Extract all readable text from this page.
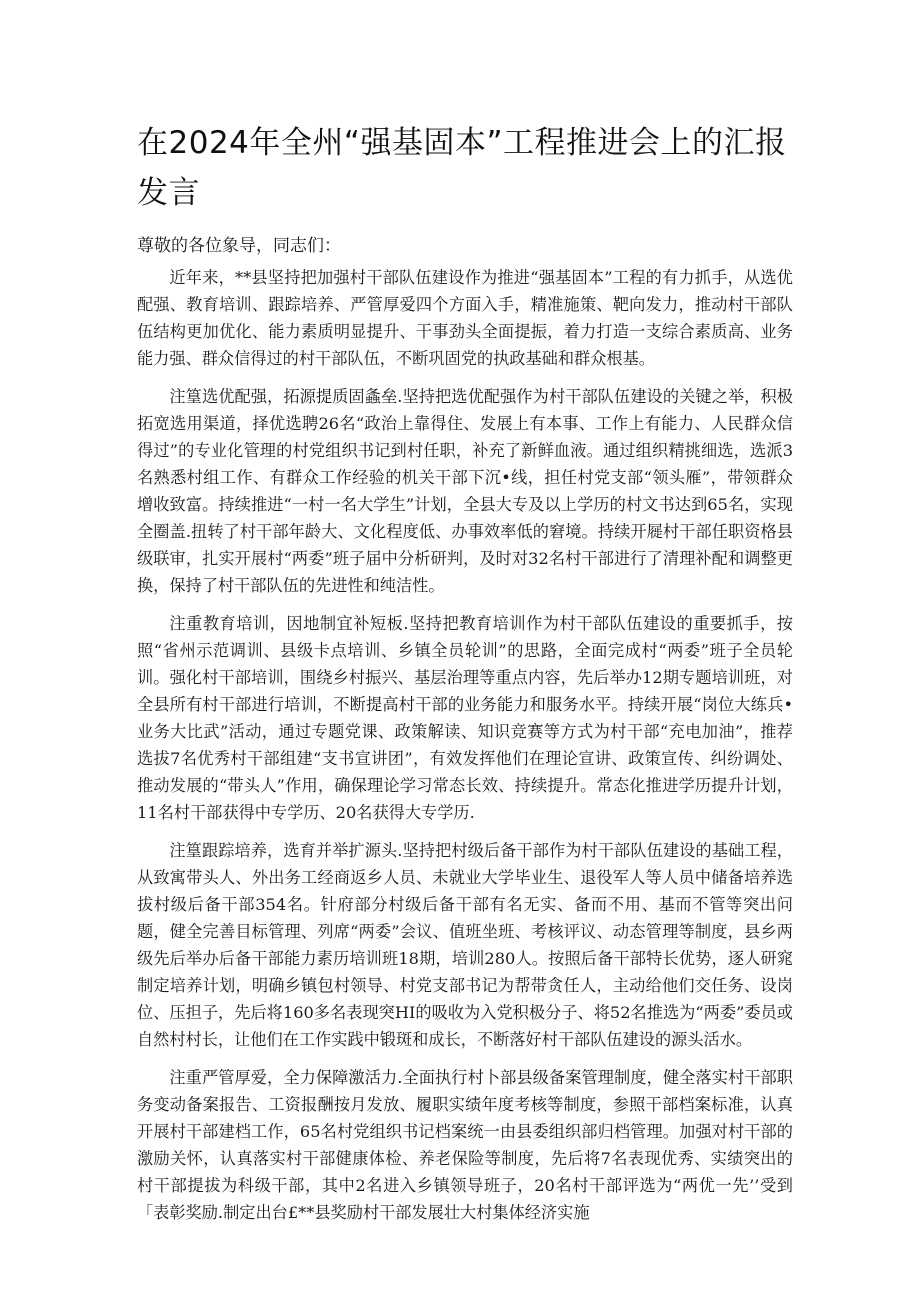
在2024年全州“强基固本”工程推进会上的汇报发言

尊敬的各位象导，同志们：

近年来，**县坚持把加强村干部队伍建设作为推进“强基固本”工程的有力抓手，从选优配强、教育培训、跟踪培养、严管厚爱四个方面入手，精准施策、靶向发力，推动村干部队伍结构更加优化、能力素质明显提升、干事劲头全面提振，着力打造一支综合素质高、业务能力强、群众信得过的村干部队伍，不断巩固党的执政基础和群众根基。

注篁选优配强，拓源提质固螽垒.坚持把选优配强作为村干部队伍建设的关键之举，积极拓宽选用渠道，择优选聘26名“政治上靠得住、发展上有本事、工作上有能力、人民群众信得过”的专业化管理的村党组织书记到村任职，补充了新鲜血液。通过组织精挑细选，选派3名熟悉村组工作、有群众工作经验的机关干部下沉•线，担任村党支部“领头雁”，带领群众增收致富。持续推进“一村一名大学生”计划，全县大专及以上学历的村文书达到65名，实现全圈盖.扭转了村干部年龄大、文化程度低、办事效率低的窘境。持续开屣村干部任职资格县级联审，扎实开展村“两委”班子届中分析研判，及时对32名村干部进行了清理补配和调整更换，保持了村干部队伍的先进性和纯洁性。

注重教育培训，因地制宜补短板.坚持把教育培训作为村干部队伍建设的重要抓手，按照“省州示范调训、县级卡点培训、乡镇全员轮训”的思路，全面完成村“两委”班子全员轮训。强化村干部培训，围绕乡村振兴、基层治理等重点内容，先后举办12期专题培训班，对全县所有村干部进行培训，不断提高村干部的业务能力和服务水平。持续开展“岗位大练兵•业务大比武”活动，通过专题党课、政策解读、知识竞赛等方式为村干部“充电加油”，推荐选拔7名优秀村干部组建“支书宣讲团”，有效发挥他们在理论宣讲、政策宣传、纠纷调处、推动发展的“带头人”作用，确保理论学习常态长效、持续提升。常态化推进学历提升计划，11名村干部获得中专学历、20名获得大专学历.

注篁跟踪培养，选育并举扩源头.坚持把村级后备干部作为村干部队伍建设的基础工程，从致寓带头人、外出务工经商返乡人员、未就业大学毕业生、退役军人等人员中储备培养选拔村级后备干部354名。针府部分村级后备干部有名无实、备而不用、基而不管等突出问题，健全完善目标管理、列席“两委”会议、值班坐班、考核评议、动态管理等制度，县乡两级先后举办后备干部能力素历培训班18期，培训280人。按照后备干部特长优势，逐人研窕制定培养计划，明确乡镇包村领导、村党支部书记为帮带贪任人，主动给他们交任务、设岗位、压担子，先后将160多名表现突HI的吸收为入党积极分子、将52名推选为“两委”委员或自然村村长，让他们在工作实践中锻斑和成长，不断落好村干部队伍建设的源头活水。

注重严管厚爱，全力保障激活力.全面执行村卜部县级备案管理制度，健全落实村干部职务变动备案报告、工资报酬按月发放、履职实绩年度考核等制度，参照干部档案标准，认真开展村干部建档工作，65名村党组织书记档案统一由县委组织部归档管理。加强对村干部的激励关怀，认真落实村干部健康体检、养老保险等制度，先后将7名表现优秀、实绩突出的村干部提拔为科级干部，其中2名进入乡镇领导班子，20名村干部评选为“两优一先’’受到「表彰奖励.制定出台£**县奖励村干部发展壮大村集体经济实施
